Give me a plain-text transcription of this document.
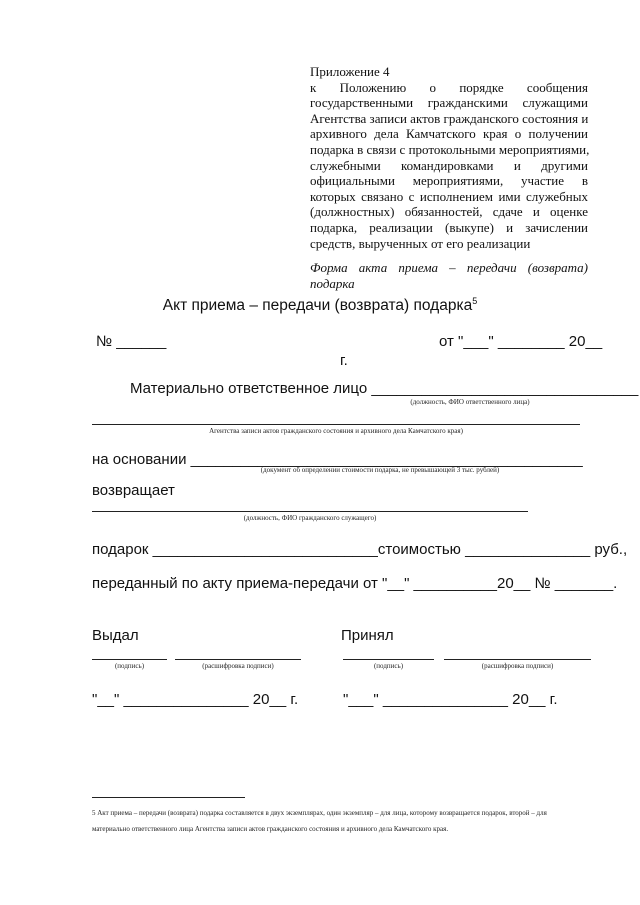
Приложение 4
к Положению о порядке сообщения
государственными гражданскими служащими
Агентства записи актов гражданского состояния и
архивного дела Камчатского края о получении
подарка в связи с протокольными мероприятиями,
служебными командировками и другими
официальными мероприятиями, участие в
которых связано с исполнением ими служебных
(должностных) обязанностей, сдаче и оценке
подарка, реализации (выкупе) и зачислении
средств, вырученных от его реализации
Форма акта приема – передачи (возврата)
подарка
Акт приема – передачи (возврата) подарка$^5$
№ ______	от "___" ________ 20__
г.
Материально ответственное лицо ________________________________
(должность, ФИО ответственного лица)
Агентства записи актов гражданского состояния и архивного дела Камчатского края)
на основании _______________________________________________
(документ об определении стоимости подарка, не превышающей 3 тыс. рублей)
возвращает
(должность, ФИО гражданского служащего)
подарок ___________________________стоимостью _______________ руб.,
переданный по акту приема-передачи от "__" __________20__ № _______.
Выдал	Принял
(подпись)	(расшифровка подписи)	(подпись)	(расшифровка подписи)
"__" _______________ 20__ г.	"___" _______________ 20__ г.
5 Акт приема – передачи (возврата) подарка составляется в двух экземплярах, один экземпляр – для лица, которому возвращается подарок, второй – для
материально ответственного лица Агентства записи актов гражданского состояния и архивного дела Камчатского края.
